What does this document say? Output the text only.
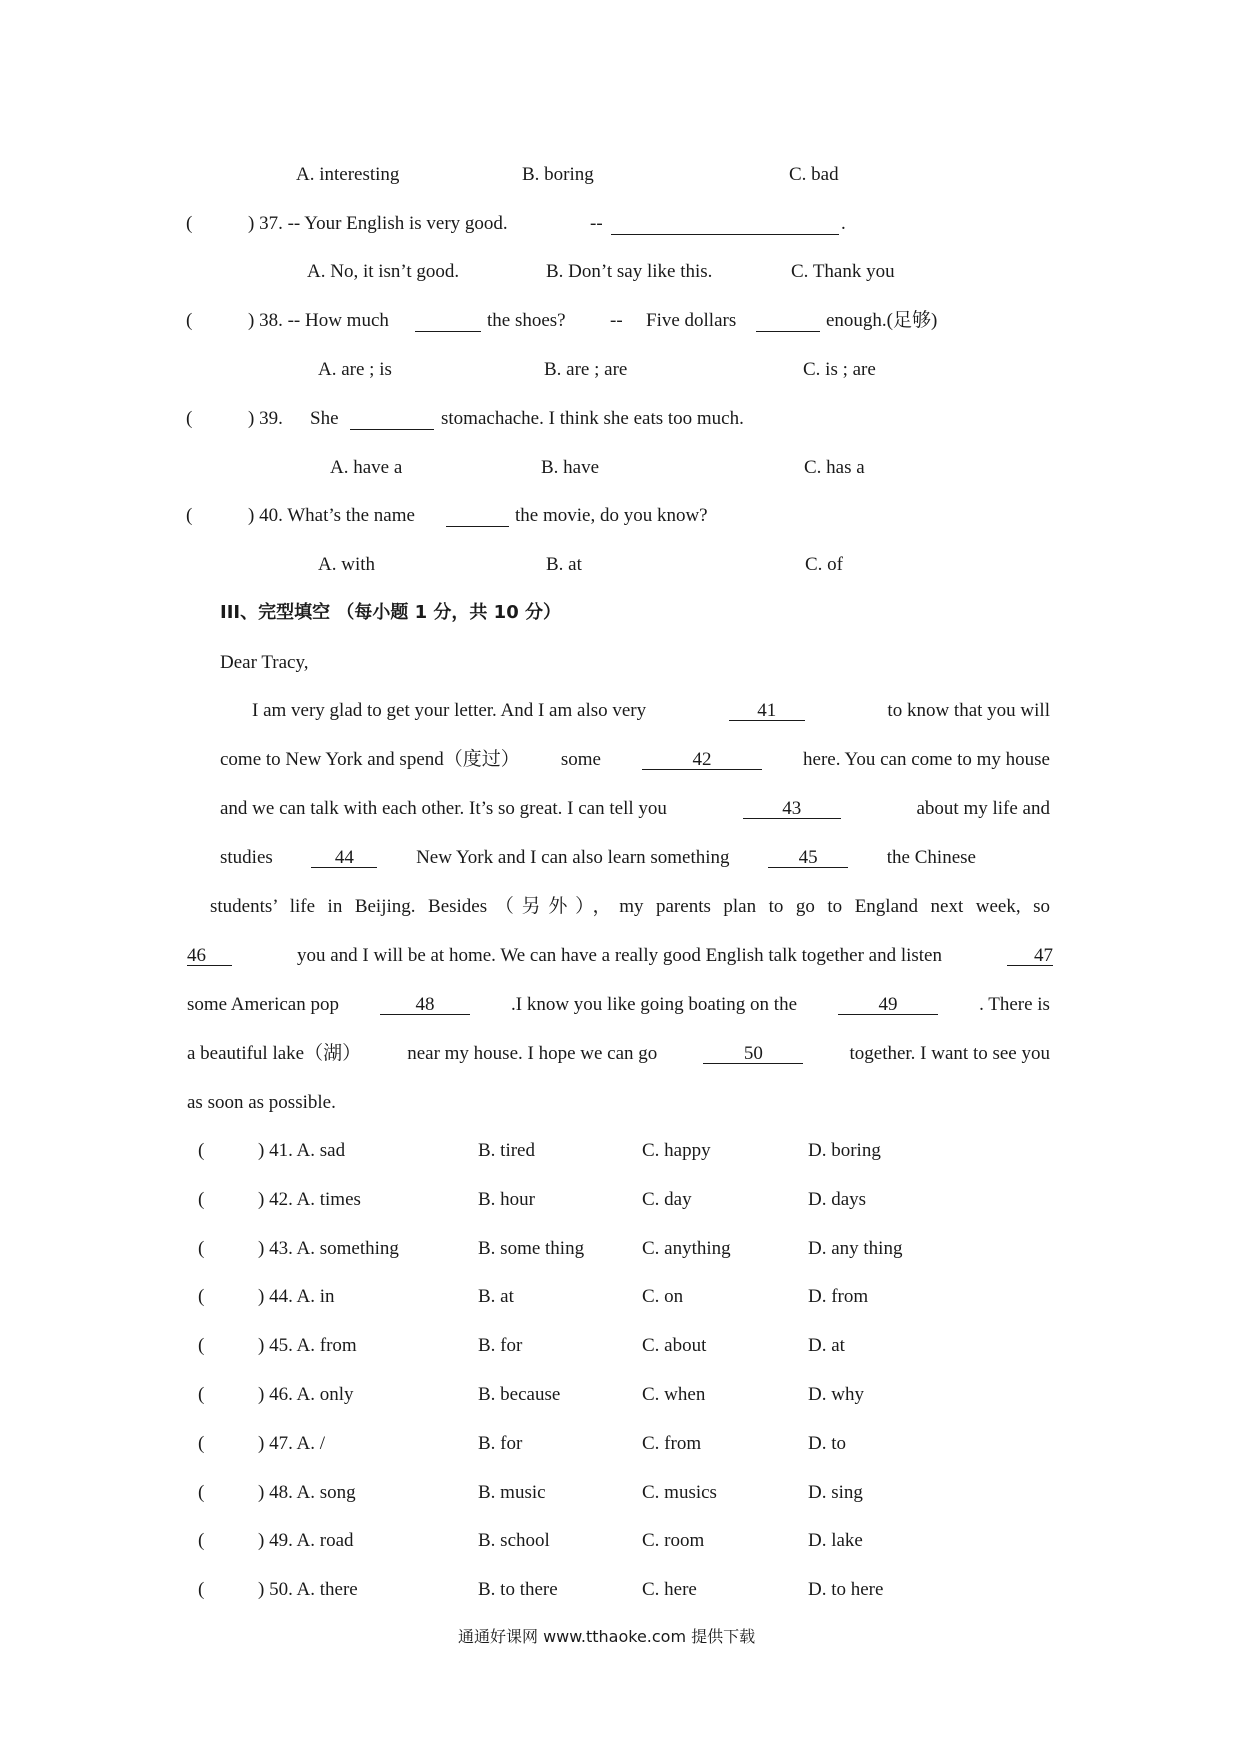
A. interesting	B. boring	C. bad
(	) 37. -- Your English is very good.	--	.
A. No, it isn’t good.	B. Don’t say like this.	C. Thank you
(	) 38. -- How much	the shoes? -- Five dollars	enough.(足够)
A. are ; is	B. are ; are	C. is ; are
(	) 39. She	stomachache. I think she eats too much.
A. have a	B. have	C. has a
(	) 40. What’s the name	the movie, do you know?
A. with	B. at	C. of
III、完型填空 （每小题 1 分，共 10 分）
Dear Tracy,
I am very glad to get your letter. And I am also very	41	to know that you will
come to New York and spend（度过） some	42	here. You can come to my house
and we can talk with each other. It’s so great. I can tell you	43	about my life and
studies	44	New York and I can also learn something	45	the Chinese
students’ life in Beijing. Besides（另外），my parents plan to go to England next week, so
46	you and I will be at home. We can have a really good English talk together and listen	47
some American pop	48	.I know you like going boating on the	49	. There is
a beautiful lake（湖） near my house. I hope we can go	50	together. I want to see you
as soon as possible.
(	) 41. A. sad	B. tired	C. happy	D. boring
(	) 42. A. times	B. hour	C. day	D. days
(	) 43. A. something	B. some thing	C. anything	D. any thing
(	) 44. A. in	B. at	C. on	D. from
(	) 45. A. from	B. for	C. about	D. at
(	) 46. A. only	B. because	C. when	D. why
(	) 47. A. /	B. for	C. from	D. to
(	) 48. A. song	B. music	C. musics	D. sing
(	) 49. A. road	B. school	C. room	D. lake
(	) 50. A. there	B. to there	C. here	D. to here
通通好课网 www.tthaoke.com 提供下载
